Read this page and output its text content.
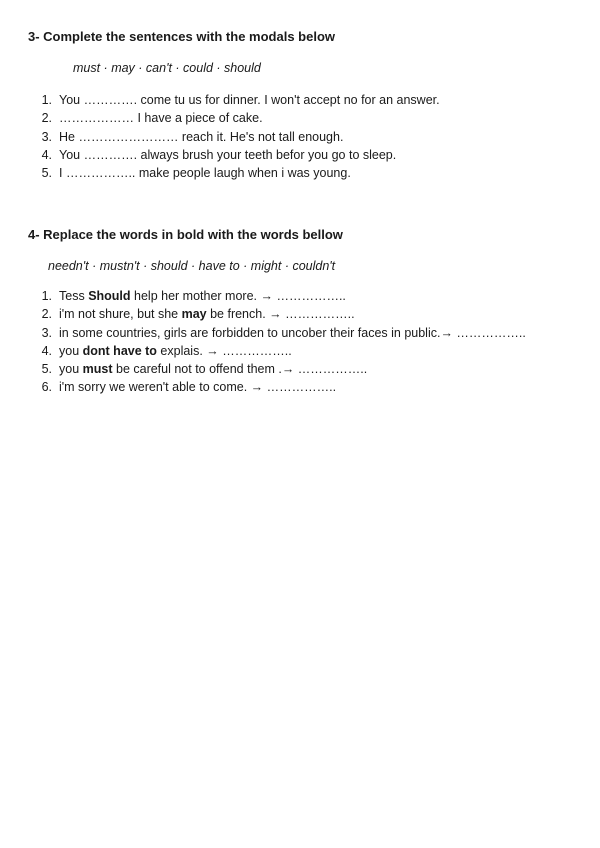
3- Complete the sentences with the modals below
must · may · can't · could · should
1. You …………. come tu us for dinner. I won't accept no for an answer.
2. ……………… I have a piece of cake.
3. He …………………… reach it. He's not tall enough.
4. You …………. always brush your teeth befor you go to sleep.
5. I …………….. make people laugh when i was young.
4- Replace the words in bold with the words bellow
needn't · mustn't · should · have to · might · couldn't
1. Tess Should help her mother more. → ……………..
2. i'm not shure, but she may be french. → ……………..
3. in some countries, girls are forbidden to uncober their faces in public.→ ……………..
4. you dont have to explais. → ……………..
5. you must be careful not to offend them .→ ……………..
6. i'm sorry we weren't able to come. → ……………..
